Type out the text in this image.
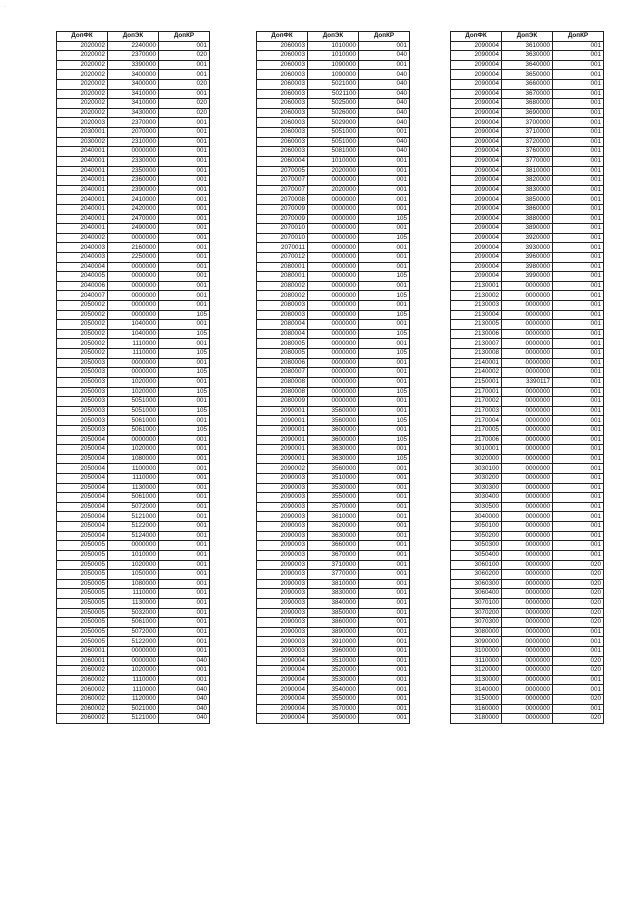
·
ДопФК	ДопЭК	ДопКР
2020002	2240000	001
2020002	2370000	020
2020002	3390000	001
2020002	3400000	001
2020002	3400000	020
2020002	3410000	001
2020002	3410000	020
2020002	3430000	020
2020003	2370000	001
2030001	2070000	001
2030002	2310000	001
2040001	0000000	001
2040001	2330000	001
2040001	2350000	001
2040001	2360000	001
2040001	2390000	001
2040001	2410000	001
2040001	2420000	001
2040001	2470000	001
2040001	2490000	001
2040002	0000000	001
2040003	2160000	001
2040003	2250000	001
2040004	0000000	001
2040005	0000000	001
2040006	0000000	001
2040007	0000000	001
2050002	0000000	001
2050002	0000000	105
2050002	1040000	001
2050002	1040000	105
2050002	1110000	001
2050002	1110000	105
2050003	0000000	001
2050003	0000000	105
2050003	1020000	001
2050003	1020000	105
2050003	5051000	001
2050003	5051000	105
2050003	5061000	001
2050003	5061000	105
2050004	0000000	001
2050004	1020000	001
2050004	1080000	001
2050004	1100000	001
2050004	1110000	001
2050004	1130000	001
2050004	5061000	001
2050004	5072000	001
2050004	5121000	001
2050004	5122000	001
2050004	5124000	001
2050005	0000000	001
2050005	1010000	001
2050005	1020000	001
2050005	1050000	001
2050005	1080000	001
2050005	1110000	001
2050005	1130000	001
2050005	5032000	001
2050005	5061000	001
2050005	5072000	001
2050005	5122000	001
2060001	0000000	001
2060001	0000000	040
2060002	1020000	001
2060002	1110000	001
2060002	1110000	040
2060002	1120000	040
2060002	5021000	040
2060002	5121000	040
ДопФК	ДопЭК	ДопКР
2060003	1010000	001
2060003	1010000	040
2060003	1090000	001
2060003	1090000	040
2060003	5021000	040
2060003	5021100	040
2060003	5025000	040
2060003	5026000	040
2060003	5029000	040
2060003	5051000	001
2060003	5051000	040
2060003	5081000	040
2060004	1010000	001
2070005	2020000	001
2070007	0000000	001
2070007	2020000	001
2070008	0000000	001
2070009	0000000	001
2070009	0000000	105
2070010	0000000	001
2070010	0000000	105
2070011	0000000	001
2070012	0000000	001
2080001	0000000	001
2080001	0000000	105
2080002	0000000	001
2080002	0000000	105
2080003	0000000	001
2080003	0000000	105
2080004	0000000	001
2080004	0000000	105
2080005	0000000	001
2080005	0000000	105
2080006	0000000	001
2080007	0000000	001
2080008	0000000	001
2080008	0000000	105
2080009	0000000	001
2090001	3560000	001
2090001	3560000	105
2090001	3600000	001
2090001	3600000	105
2090001	3630000	001
2090001	3630000	105
2090002	3560000	001
2090003	3510000	001
2090003	3530000	001
2090003	3550000	001
2090003	3570000	001
2090003	3610000	001
2090003	3620000	001
2090003	3630000	001
2090003	3660000	001
2090003	3670000	001
2090003	3710000	001
2090003	3770000	001
2090003	3810000	001
2090003	3830000	001
2090003	3840000	001
2090003	3850000	001
2090003	3860000	001
2090003	3890000	001
2090003	3910000	001
2090003	3960000	001
2090004	3510000	001
2090004	3520000	001
2090004	3530000	001
2090004	3540000	001
2090004	3550000	001
2090004	3570000	001
2090004	3590000	001
ДопФК	ДопЭК	ДопКР
2090004	3610000	001
2090004	3630000	001
2090004	3640000	001
2090004	3650000	001
2090004	3660000	001
2090004	3670000	001
2090004	3680000	001
2090004	3690000	001
2090004	3700000	001
2090004	3710000	001
2090004	3720000	001
2090004	3760000	001
2090004	3770000	001
2090004	3810000	001
2090004	3820000	001
2090004	3830000	001
2090004	3850000	001
2090004	3860000	001
2090004	3880000	001
2090004	3890000	001
2090004	3920000	001
2090004	3930000	001
2090004	3960000	001
2090004	3980000	001
2090004	3990000	001
2130001	0000000	001
2130002	0000000	001
2130003	0000000	001
2130004	0000000	001
2130005	0000000	001
2130006	0000000	001
2130007	0000000	001
2130008	0000000	001
2140001	0000000	001
2140002	0000000	001
2150001	3390117	001
2170001	0000000	001
2170002	0000000	001
2170003	0000000	001
2170004	0000000	001
2170005	0000000	001
2170006	0000000	001
3010001	0000000	001
3020000	0000000	001
3030100	0000000	001
3030200	0000000	001
3030300	0000000	001
3030400	0000000	001
3030500	0000000	001
3040000	0000000	001
3050100	0000000	001
3050200	0000000	001
3050300	0000000	001
3050400	0000000	001
3060100	0000000	020
3060200	0000000	020
3060300	0000000	020
3060400	0000000	020
3070100	0000000	020
3070200	0000000	020
3070300	0000000	020
3080000	0000000	001
3090000	0000000	001
3100000	0000000	001
3110000	0000000	020
3120000	0000000	020
3130000	0000000	001
3140000	0000000	001
3150000	0000000	020
3160000	0000000	001
3180000	0000000	020
